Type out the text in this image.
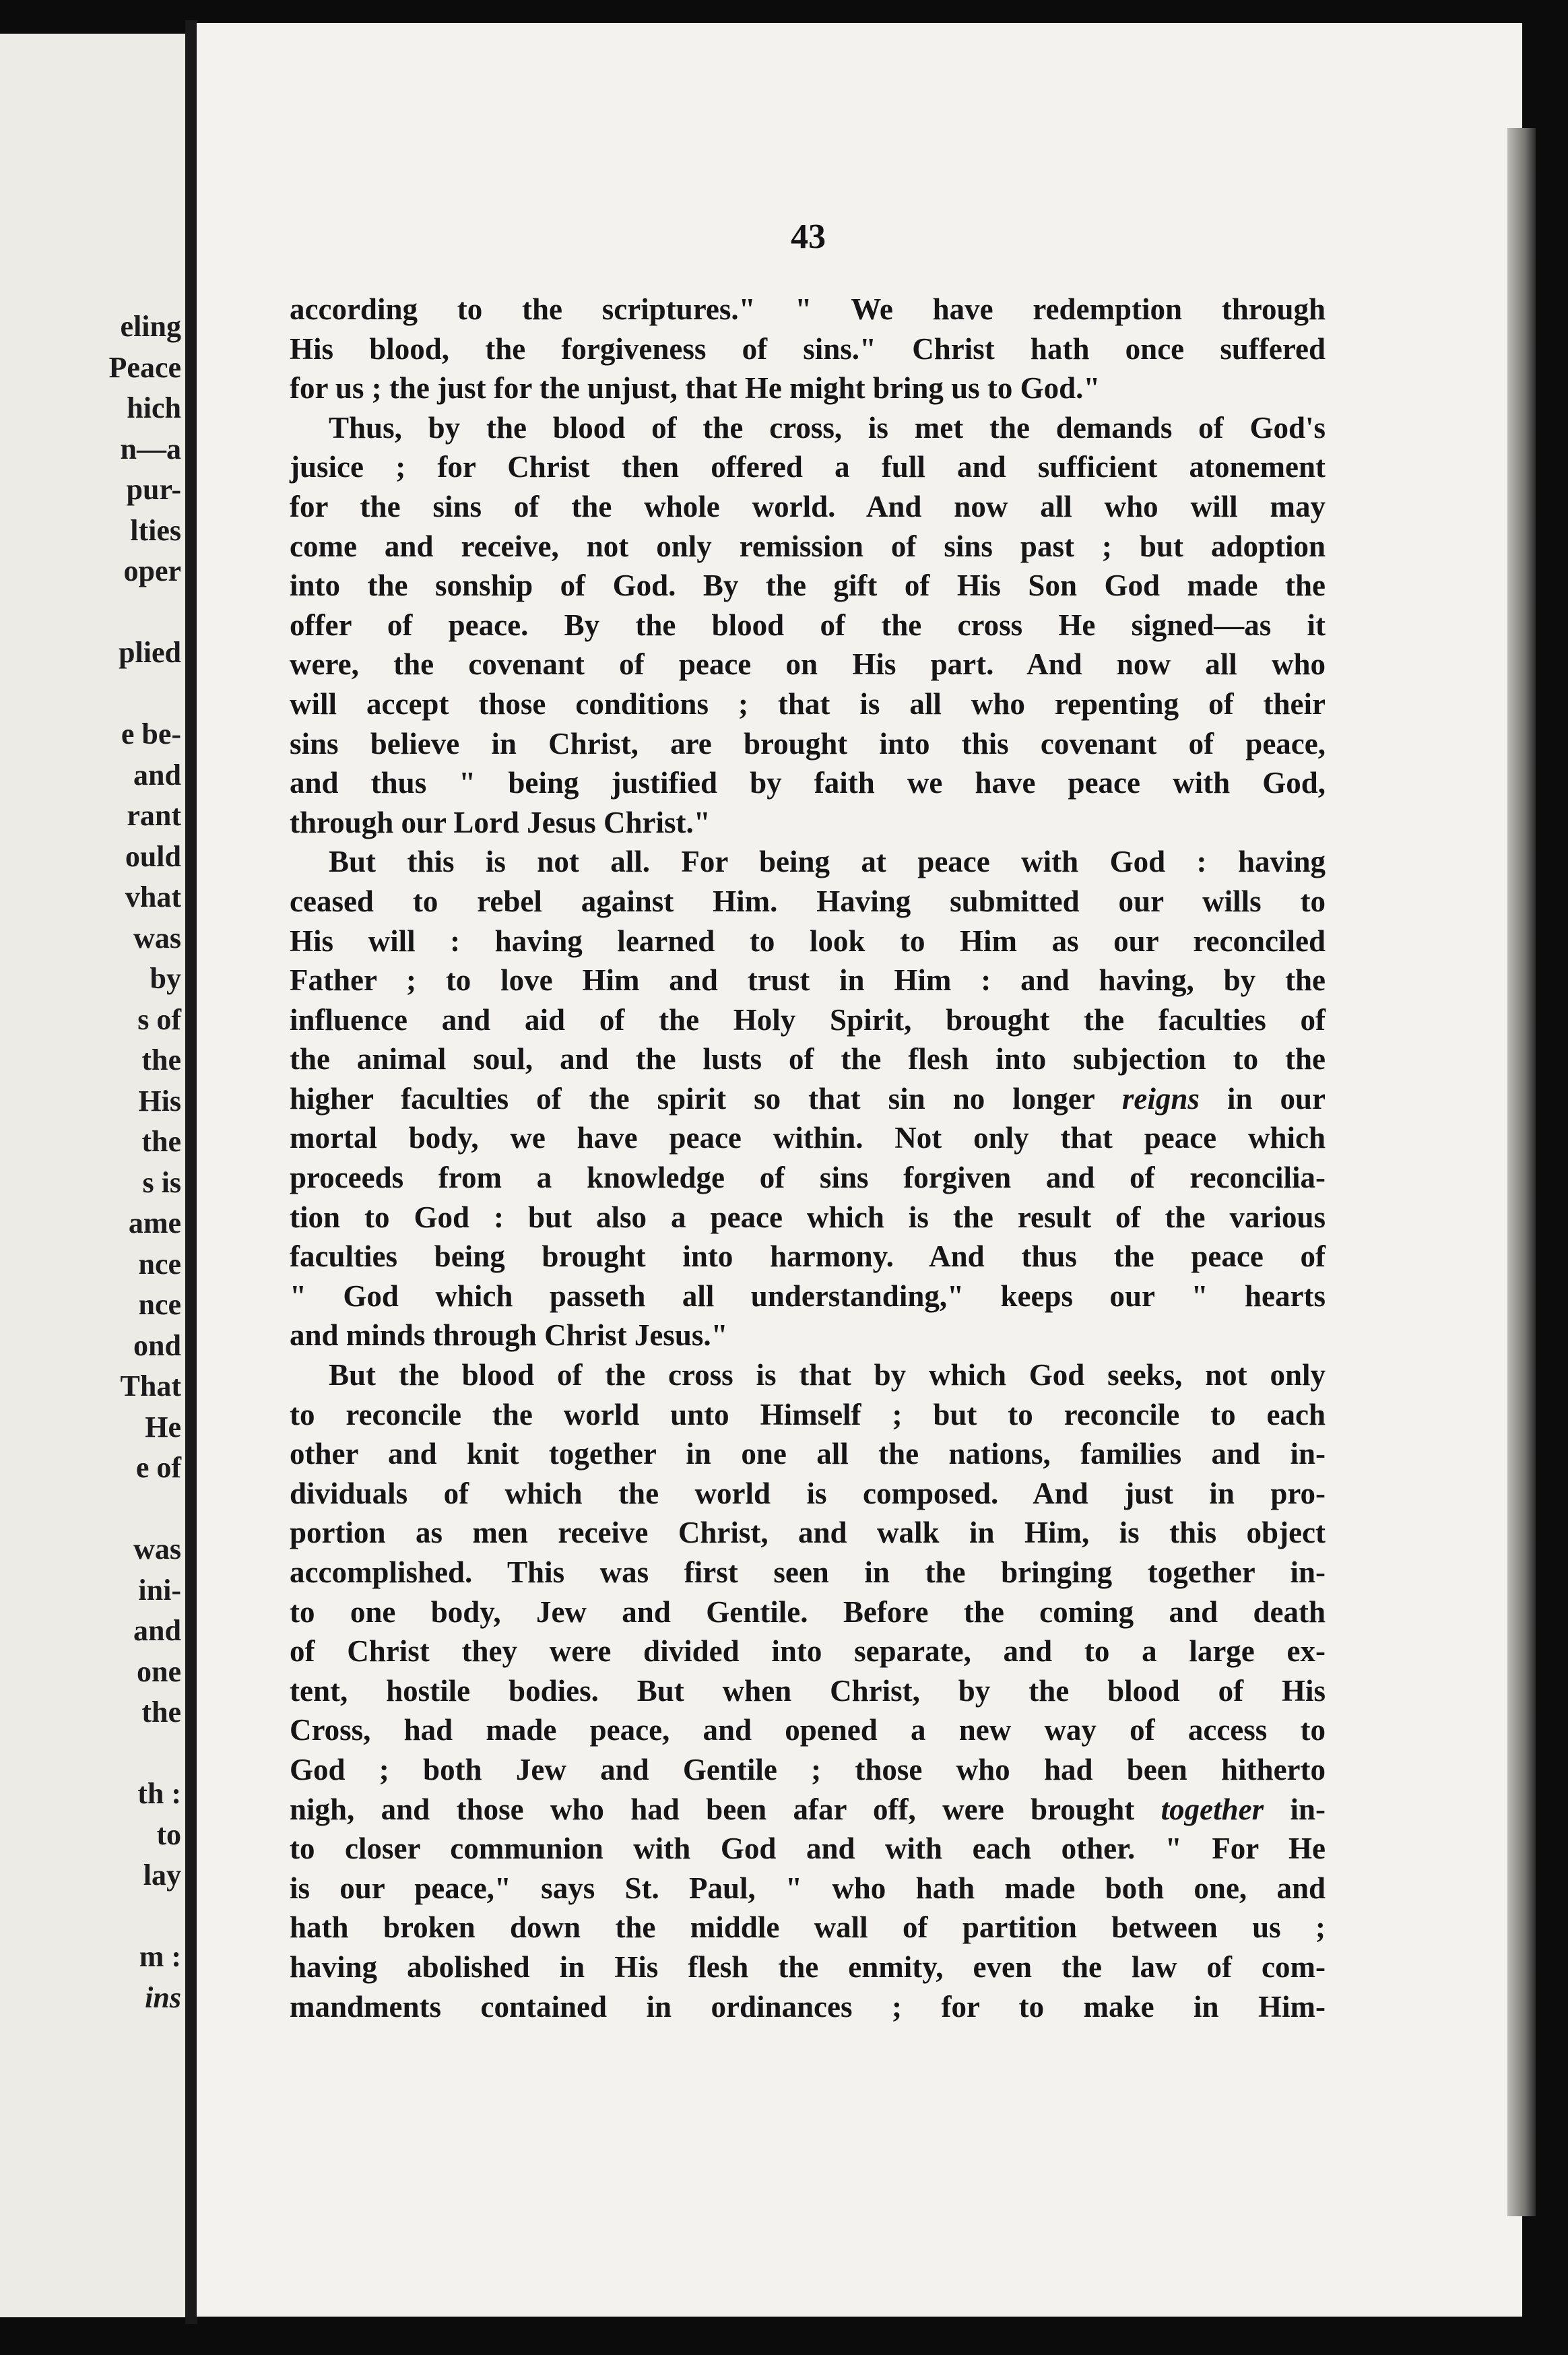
eling
Peace
hich
n—a
pur-
lties
oper

plied

e be-
and
rant
ould
vhat
was
by
s of
the
His
the
s is
ame
nce
nce
ond
That
He
e of

was
ini-
and
one
the

th :
to
lay

m :
ins
43
according to the scriptures." " We have redemption through
His blood, the forgiveness of sins." Christ hath once suffered
for us ; the just for the unjust, that He might bring us to God."
Thus, by the blood of the cross, is met the demands of God's
jusice ; for Christ then offered a full and sufficient atonement
for the sins of the whole world. And now all who will may
come and receive, not only remission of sins past ; but adoption
into the sonship of God. By the gift of His Son God made the
offer of peace. By the blood of the cross He signed—as it
were, the covenant of peace on His part. And now all who
will accept those conditions ; that is all who repenting of their
sins believe in Christ, are brought into this covenant of peace,
and thus " being justified by faith we have peace with God,
through our Lord Jesus Christ."
But this is not all. For being at peace with God : having
ceased to rebel against Him. Having submitted our wills to
His will : having learned to look to Him as our reconciled
Father ; to love Him and trust in Him : and having, by the
influence and aid of the Holy Spirit, brought the faculties of
the animal soul, and the lusts of the flesh into subjection to the
higher faculties of the spirit so that sin no longer reigns in our
mortal body, we have peace within. Not only that peace which
proceeds from a knowledge of sins forgiven and of reconcilia-
tion to God : but also a peace which is the result of the various
faculties being brought into harmony. And thus the peace of
" God which passeth all understanding," keeps our " hearts
and minds through Christ Jesus."
But the blood of the cross is that by which God seeks, not only
to reconcile the world unto Himself ; but to reconcile to each
other and knit together in one all the nations, families and in-
dividuals of which the world is composed. And just in pro-
portion as men receive Christ, and walk in Him, is this object
accomplished. This was first seen in the bringing together in-
to one body, Jew and Gentile. Before the coming and death
of Christ they were divided into separate, and to a large ex-
tent, hostile bodies. But when Christ, by the blood of His
Cross, had made peace, and opened a new way of access to
God ; both Jew and Gentile ; those who had been hitherto
nigh, and those who had been afar off, were brought together in-
to closer communion with God and with each other. " For He
is our peace," says St. Paul, " who hath made both one, and
hath broken down the middle wall of partition between us ;
having abolished in His flesh the enmity, even the law of com-
mandments contained in ordinances ; for to make in Him-
